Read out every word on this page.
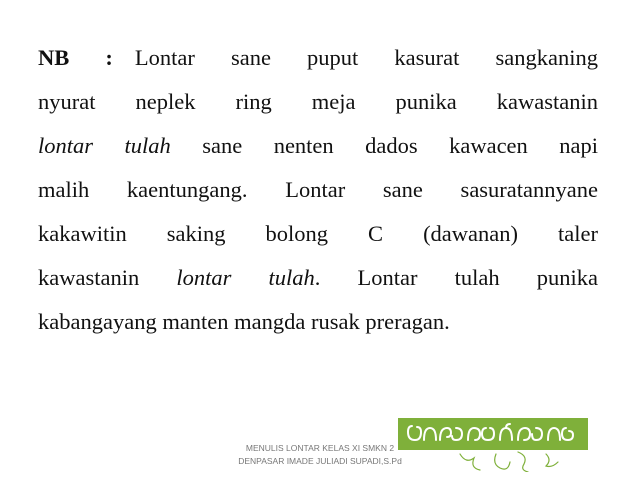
NB : Lontar sane puput kasurat sangkaning
nyurat neplek ring meja punika kawastanin
lontar tulah sane nenten dados kawacen napi
malih kaentungang. Lontar sane sasuratannyane
kakawitin saking bolong C (dawanan) taler
kawastanin lontar tulah. Lontar tulah punika
kabangayang manten mangda rusak preragan.
MENULIS LONTAR KELAS XI SMKN 2
DENPASAR IMADE JULIADI SUPADI,S.Pd
